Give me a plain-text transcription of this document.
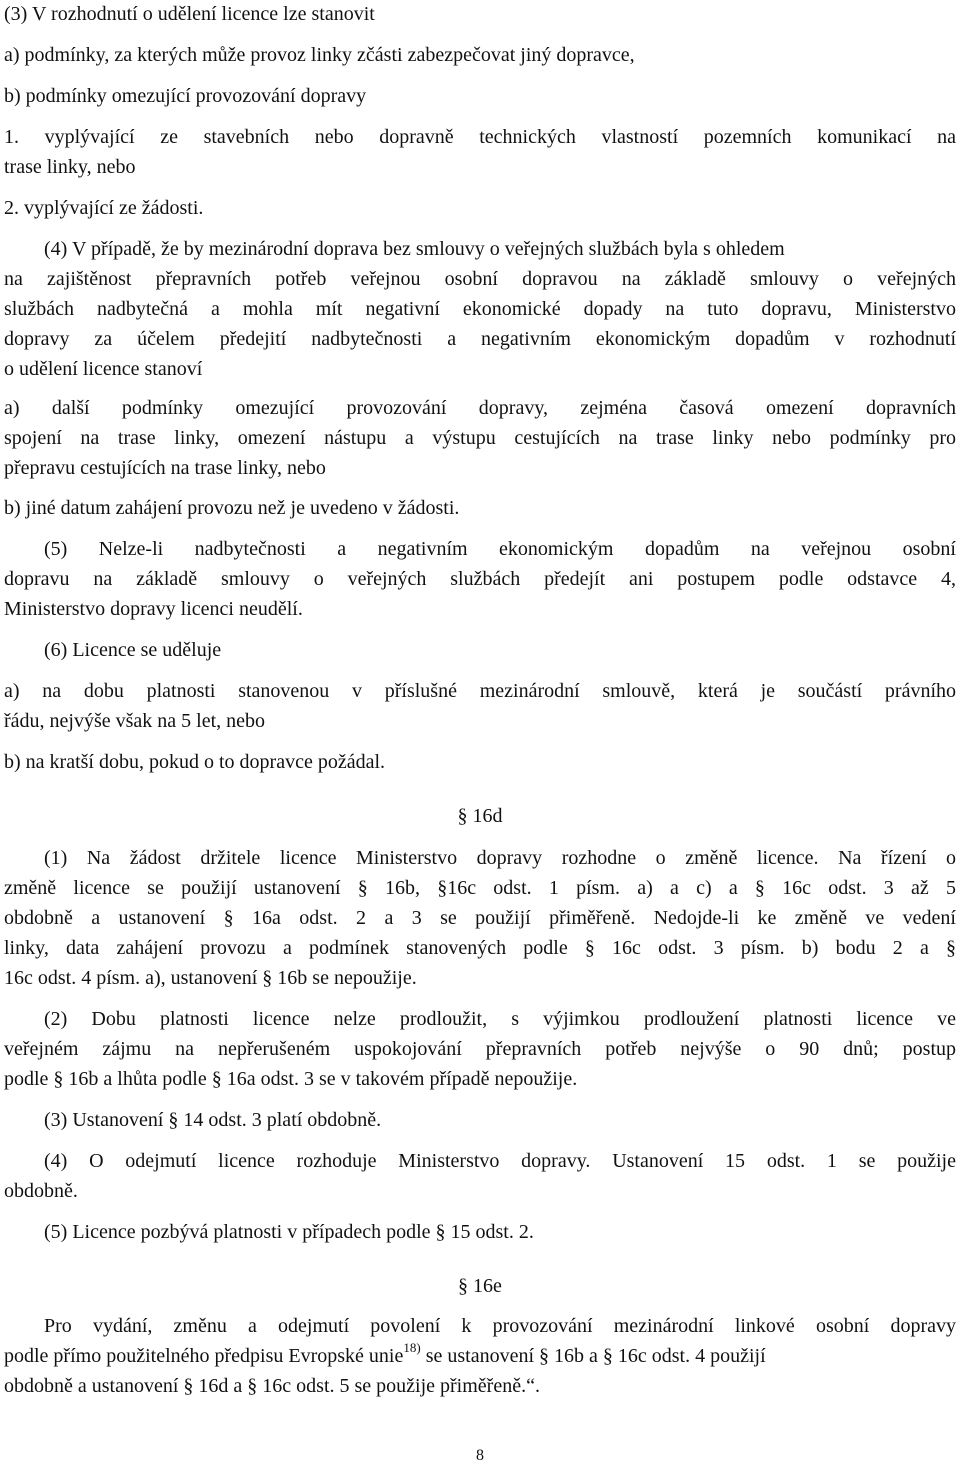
(3) V rozhodnutí o udělení licence lze stanovit
a) podmínky, za kterých může provoz linky zčásti zabezpečovat jiný dopravce,
b) podmínky omezující provozování dopravy
1. vyplývající ze stavebních nebo dopravně technických vlastností pozemních komunikací na
trase linky, nebo
2. vyplývající ze žádosti.
(4) V případě, že by mezinárodní doprava bez smlouvy o veřejných službách byla s ohledem
na zajištěnost přepravních potřeb veřejnou osobní dopravou na základě smlouvy o veřejných
službách nadbytečná a mohla mít negativní ekonomické dopady na tuto dopravu, Ministerstvo
dopravy za účelem předejití nadbytečnosti a negativním ekonomickým dopadům v rozhodnutí
o udělení licence stanoví
a) další podmínky omezující provozování dopravy, zejména časová omezení dopravních
spojení na trase linky, omezení nástupu a výstupu cestujících na trase linky nebo podmínky pro
přepravu cestujících na trase linky, nebo
b) jiné datum zahájení provozu než je uvedeno v žádosti.
(5) Nelze-li nadbytečnosti a negativním ekonomickým dopadům na veřejnou osobní
dopravu na základě smlouvy o veřejných službách předejít ani postupem podle odstavce 4,
Ministerstvo dopravy licenci neudělí.
(6) Licence se uděluje
a) na dobu platnosti stanovenou v příslušné mezinárodní smlouvě, která je součástí právního
řádu, nejvýše však na 5 let, nebo
b) na kratší dobu, pokud o to dopravce požádal.
§ 16d
(1) Na žádost držitele licence Ministerstvo dopravy rozhodne o změně licence. Na řízení o
změně licence se použijí ustanovení § 16b, §16c odst. 1 písm. a) a c) a § 16c odst. 3 až 5
obdobně a ustanovení § 16a odst. 2 a 3 se použijí přiměřeně. Nedojde-li ke změně ve vedení
linky, data zahájení provozu a podmínek stanovených podle § 16c odst. 3 písm. b) bodu 2 a §
16c odst. 4 písm. a), ustanovení § 16b se nepoužije.
(2) Dobu platnosti licence nelze prodloužit, s výjimkou prodloužení platnosti licence ve
veřejném zájmu na nepřerušeném uspokojování přepravních potřeb nejvýše o 90 dnů; postup
podle § 16b a lhůta podle § 16a odst. 3 se v takovém případě nepoužije.
(3) Ustanovení § 14 odst. 3 platí obdobně.
(4) O odejmutí licence rozhoduje Ministerstvo dopravy. Ustanovení 15 odst. 1 se použije
obdobně.
(5) Licence pozbývá platnosti v případech podle § 15 odst. 2.
§ 16e
Pro vydání, změnu a odejmutí povolení k provozování mezinárodní linkové osobní dopravy
podle přímo použitelného předpisu Evropské unie$^{18)}$ se ustanovení § 16b a § 16c odst. 4 použijí
obdobně a ustanovení § 16d a § 16c odst. 5 se použije přiměřeně.“.
8
